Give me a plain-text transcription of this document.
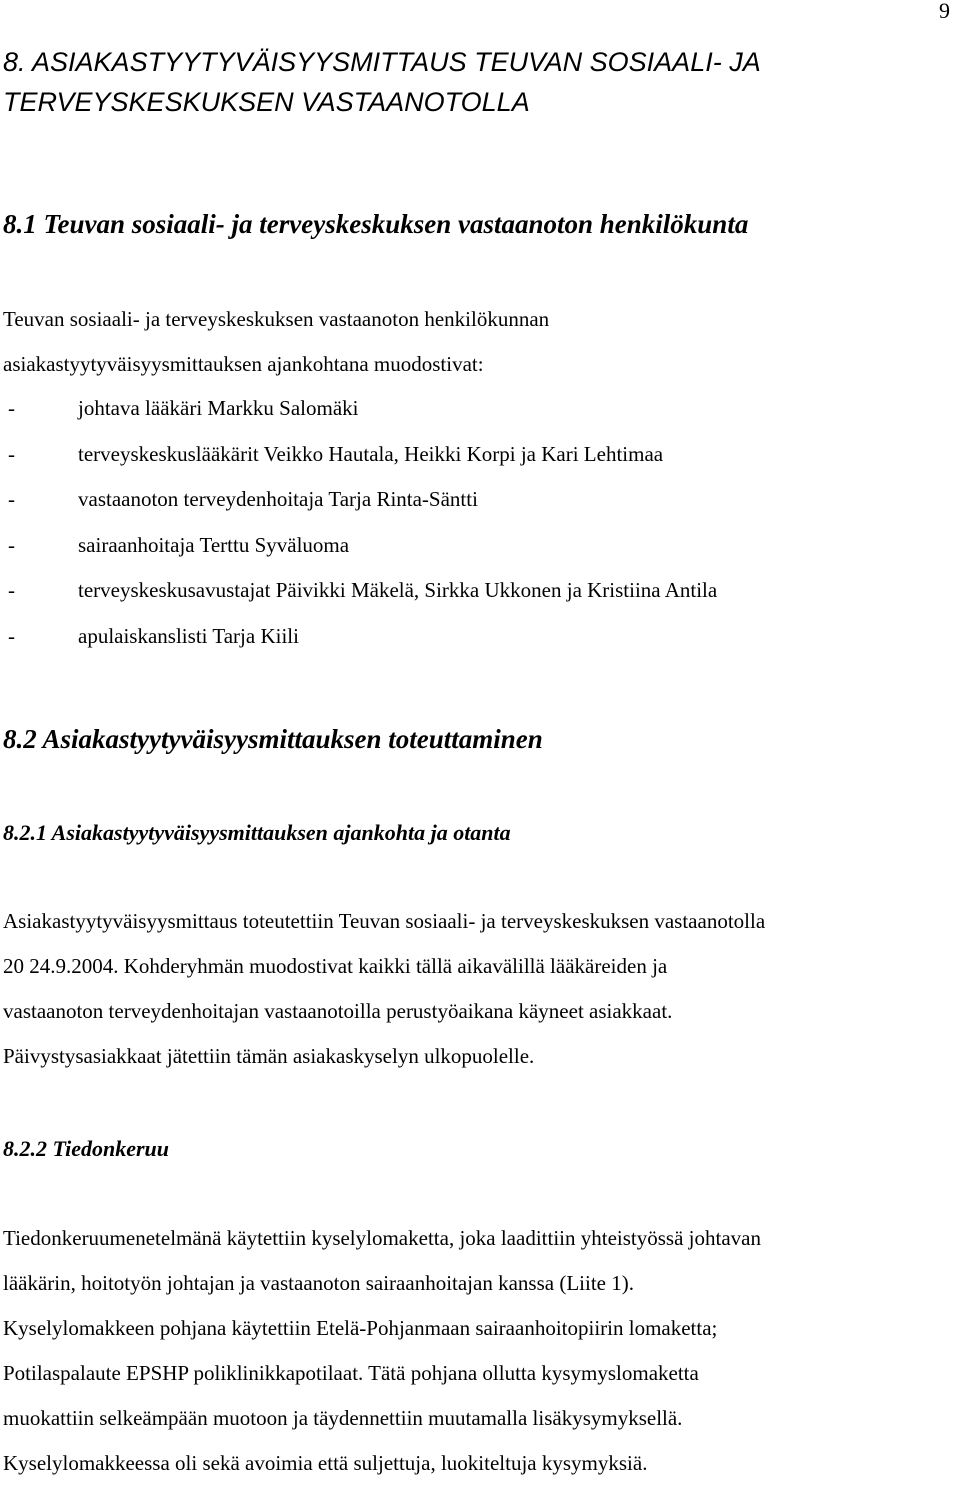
9
8. ASIAKASTYYTYVÄISYYSMITTAUS TEUVAN SOSIAALI- JA TERVEYSKESKUKSEN VASTAANOTOLLA
8.1 Teuvan sosiaali- ja terveyskeskuksen vastaanoton henkilökunta
Teuvan sosiaali- ja terveyskeskuksen vastaanoton henkilökunnan
asiakastyytyväisyysmittauksen ajankohtana muodostivat:
-	johtava lääkäri Markku Salomäki
-	terveyskeskuslääkärit Veikko Hautala, Heikki Korpi ja Kari Lehtimaa
-	vastaanoton terveydenhoitaja Tarja Rinta-Säntti
-	sairaanhoitaja Terttu Syväluoma
-	terveyskeskusavustajat Päivikki Mäkelä, Sirkka Ukkonen ja Kristiina Antila
-	apulaiskanslisti Tarja Kiili
8.2 Asiakastyytyväisyysmittauksen toteuttaminen
8.2.1 Asiakastyytyväisyysmittauksen ajankohta ja otanta
Asiakastyytyväisyysmittaus toteutettiin Teuvan sosiaali- ja terveyskeskuksen vastaanotolla
20 24.9.2004. Kohderyhmän muodostivat kaikki tällä aikavälillä lääkäreiden ja
vastaanoton terveydenhoitajan vastaanotoilla perustyöaikana käyneet asiakkaat.
Päivystysasiakkaat jätettiin tämän asiakaskyselyn ulkopuolelle.
8.2.2 Tiedonkeruu
Tiedonkeruumenetelmänä käytettiin kyselylomaketta, joka laadittiin yhteistyössä johtavan
lääkärin, hoitotyön johtajan ja vastaanoton sairaanhoitajan kanssa (Liite 1).
Kyselylomakkeen pohjana käytettiin Etelä-Pohjanmaan sairaanhoitopiirin lomaketta;
Potilaspalaute EPSHP poliklinikkapotilaat. Tätä pohjana ollutta kysymyslomaketta
muokattiin selkeämpään muotoon ja täydennettiin muutamalla lisäkysymyksellä.
Kyselylomakkeessa oli sekä avoimia että suljettuja, luokiteltuja kysymyksiä.
